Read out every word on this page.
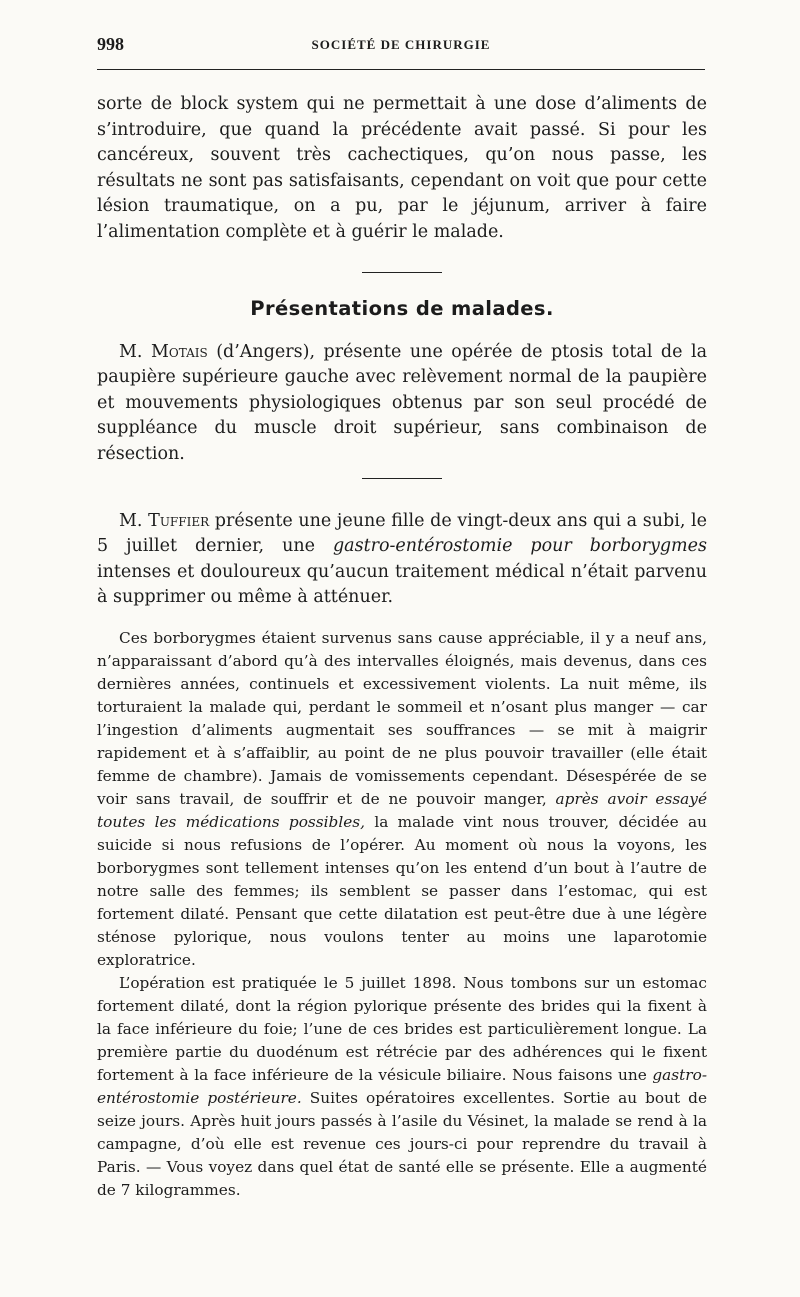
998	SOCIÉTÉ DE CHIRURGIE

sorte de block system qui ne permettait à une dose d’aliments de s’introduire, que quand la précédente avait passé. Si pour les cancéreux, souvent très cachectiques, qu’on nous passe, les résultats ne sont pas satisfaisants, cependant on voit que pour cette lésion traumatique, on a pu, par le jéjunum, arriver à faire l’alimentation complète et à guérir le malade.

Présentations de malades.

M. Motais (d’Angers), présente une opérée de ptosis total de la paupière supérieure gauche avec relèvement normal de la paupière et mouvements physiologiques obtenus par son seul procédé de suppléance du muscle droit supérieur, sans combinaison de résection.

M. Tuffier présente une jeune fille de vingt-deux ans qui a subi, le 5 juillet dernier, une gastro-entérostomie pour borborygmes intenses et douloureux qu’aucun traitement médical n’était parvenu à supprimer ou même à atténuer.

Ces borborygmes étaient survenus sans cause appréciable, il y a neuf ans, n’apparaissant d’abord qu’à des intervalles éloignés, mais devenus, dans ces dernières années, continuels et excessivement violents. La nuit même, ils torturaient la malade qui, perdant le sommeil et n’osant plus manger — car l’ingestion d’aliments augmentait ses souffrances — se mit à maigrir rapidement et à s’affaiblir, au point de ne plus pouvoir travailler (elle était femme de chambre). Jamais de vomissements cependant. Désespérée de se voir sans travail, de souffrir et de ne pouvoir manger, après avoir essayé toutes les médications possibles, la malade vint nous trouver, décidée au suicide si nous refusions de l’opérer. Au moment où nous la voyons, les borborygmes sont tellement intenses qu’on les entend d’un bout à l’autre de notre salle des femmes; ils semblent se passer dans l’estomac, qui est fortement dilaté. Pensant que cette dilatation est peut-être due à une légère sténose pylorique, nous voulons tenter au moins une laparotomie exploratrice.

L’opération est pratiquée le 5 juillet 1898. Nous tombons sur un estomac fortement dilaté, dont la région pylorique présente des brides qui la fixent à la face inférieure du foie; l’une de ces brides est particulièrement longue. La première partie du duodénum est rétrécie par des adhérences qui le fixent fortement à la face inférieure de la vésicule biliaire. Nous faisons une gastro-entérostomie postérieure. Suites opératoires excellentes. Sortie au bout de seize jours. Après huit jours passés à l’asile du Vésinet, la malade se rend à la campagne, d’où elle est revenue ces jours-ci pour reprendre du travail à Paris. — Vous voyez dans quel état de santé elle se présente. Elle a augmenté de 7 kilogrammes.
